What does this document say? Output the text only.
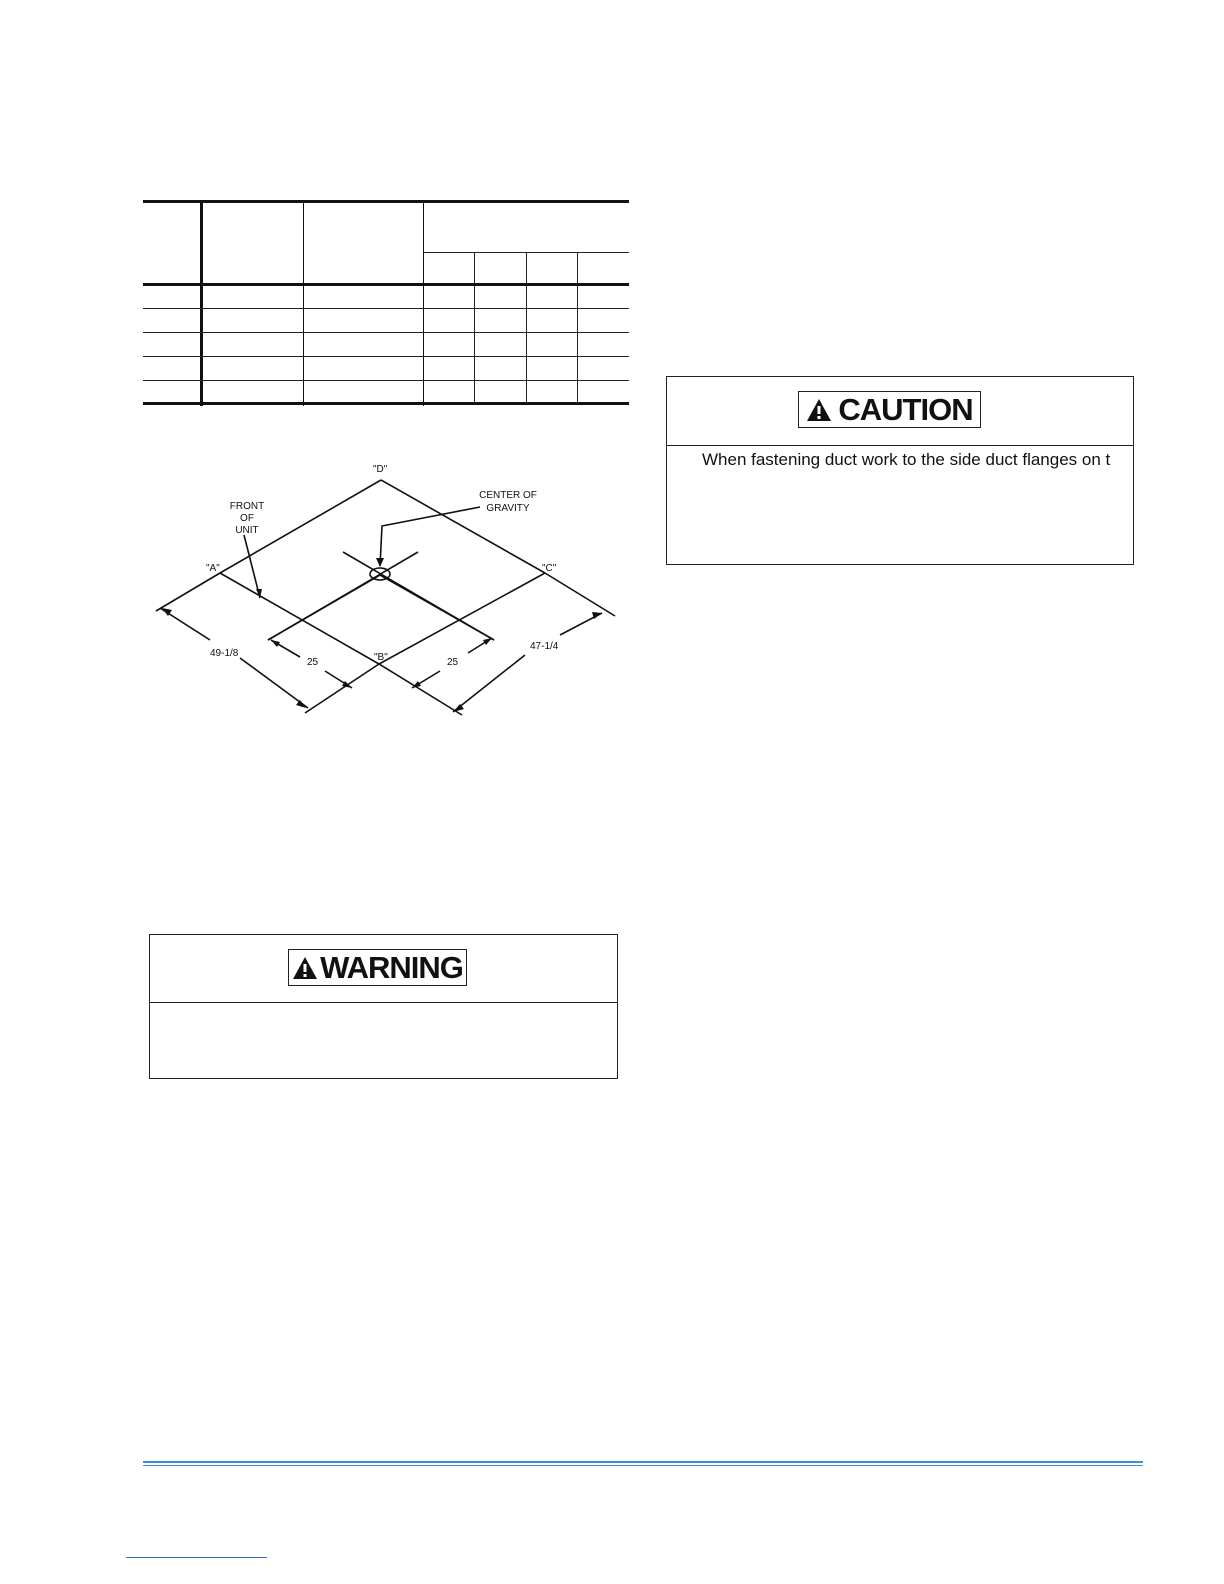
"D"
"A"
"B"
"C"
FRONT
OF
UNIT
CENTER OF
GRAVITY
49-1/8
47-1/4
25	25
CAUTION
When fastening duct work to the side duct flanges on t
WARNING
